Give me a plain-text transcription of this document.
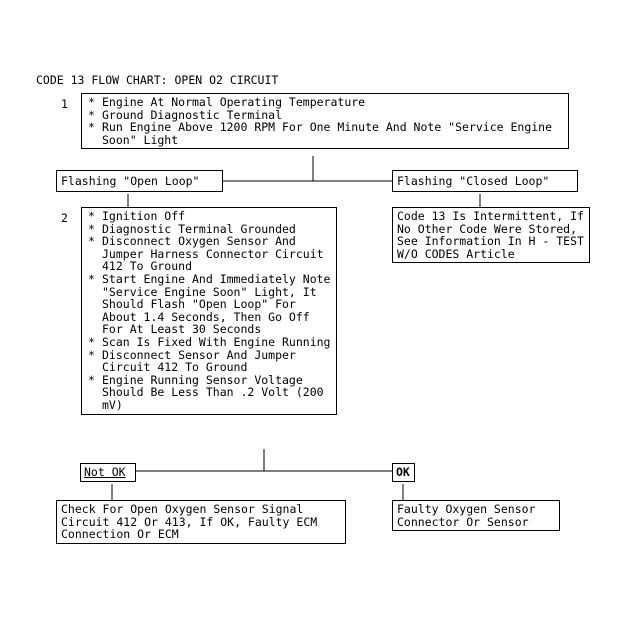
CODE 13 FLOW CHART: OPEN O2 CIRCUIT
1	* Engine At Normal Operating Temperature
* Ground Diagnostic Terminal
* Run Engine Above 1200 RPM For One Minute And Note "Service Engine Soon" Light
Flashing "Open Loop"	Flashing "Closed Loop"
2	* Ignition Off
* Diagnostic Terminal Grounded
* Disconnect Oxygen Sensor And Jumper Harness Connector Circuit 412 To Ground
* Start Engine And Immediately Note "Service Engine Soon" Light, It Should Flash "Open Loop" For About 1.4 Seconds, Then Go Off For At Least 30 Seconds
* Scan Is Fixed With Engine Running
* Disconnect Sensor And Jumper Circuit 412 To Ground
* Engine Running Sensor Voltage Should Be Less Than .2 Volt (200 mV)
Code 13 Is Intermittent, If No Other Code Were Stored, See Information In H - TEST W/O CODES Article
Not OK	OK
Check For Open Oxygen Sensor Signal Circuit 412 Or 413, If OK, Faulty ECM Connection Or ECM
Faulty Oxygen Sensor Connector Or Sensor
